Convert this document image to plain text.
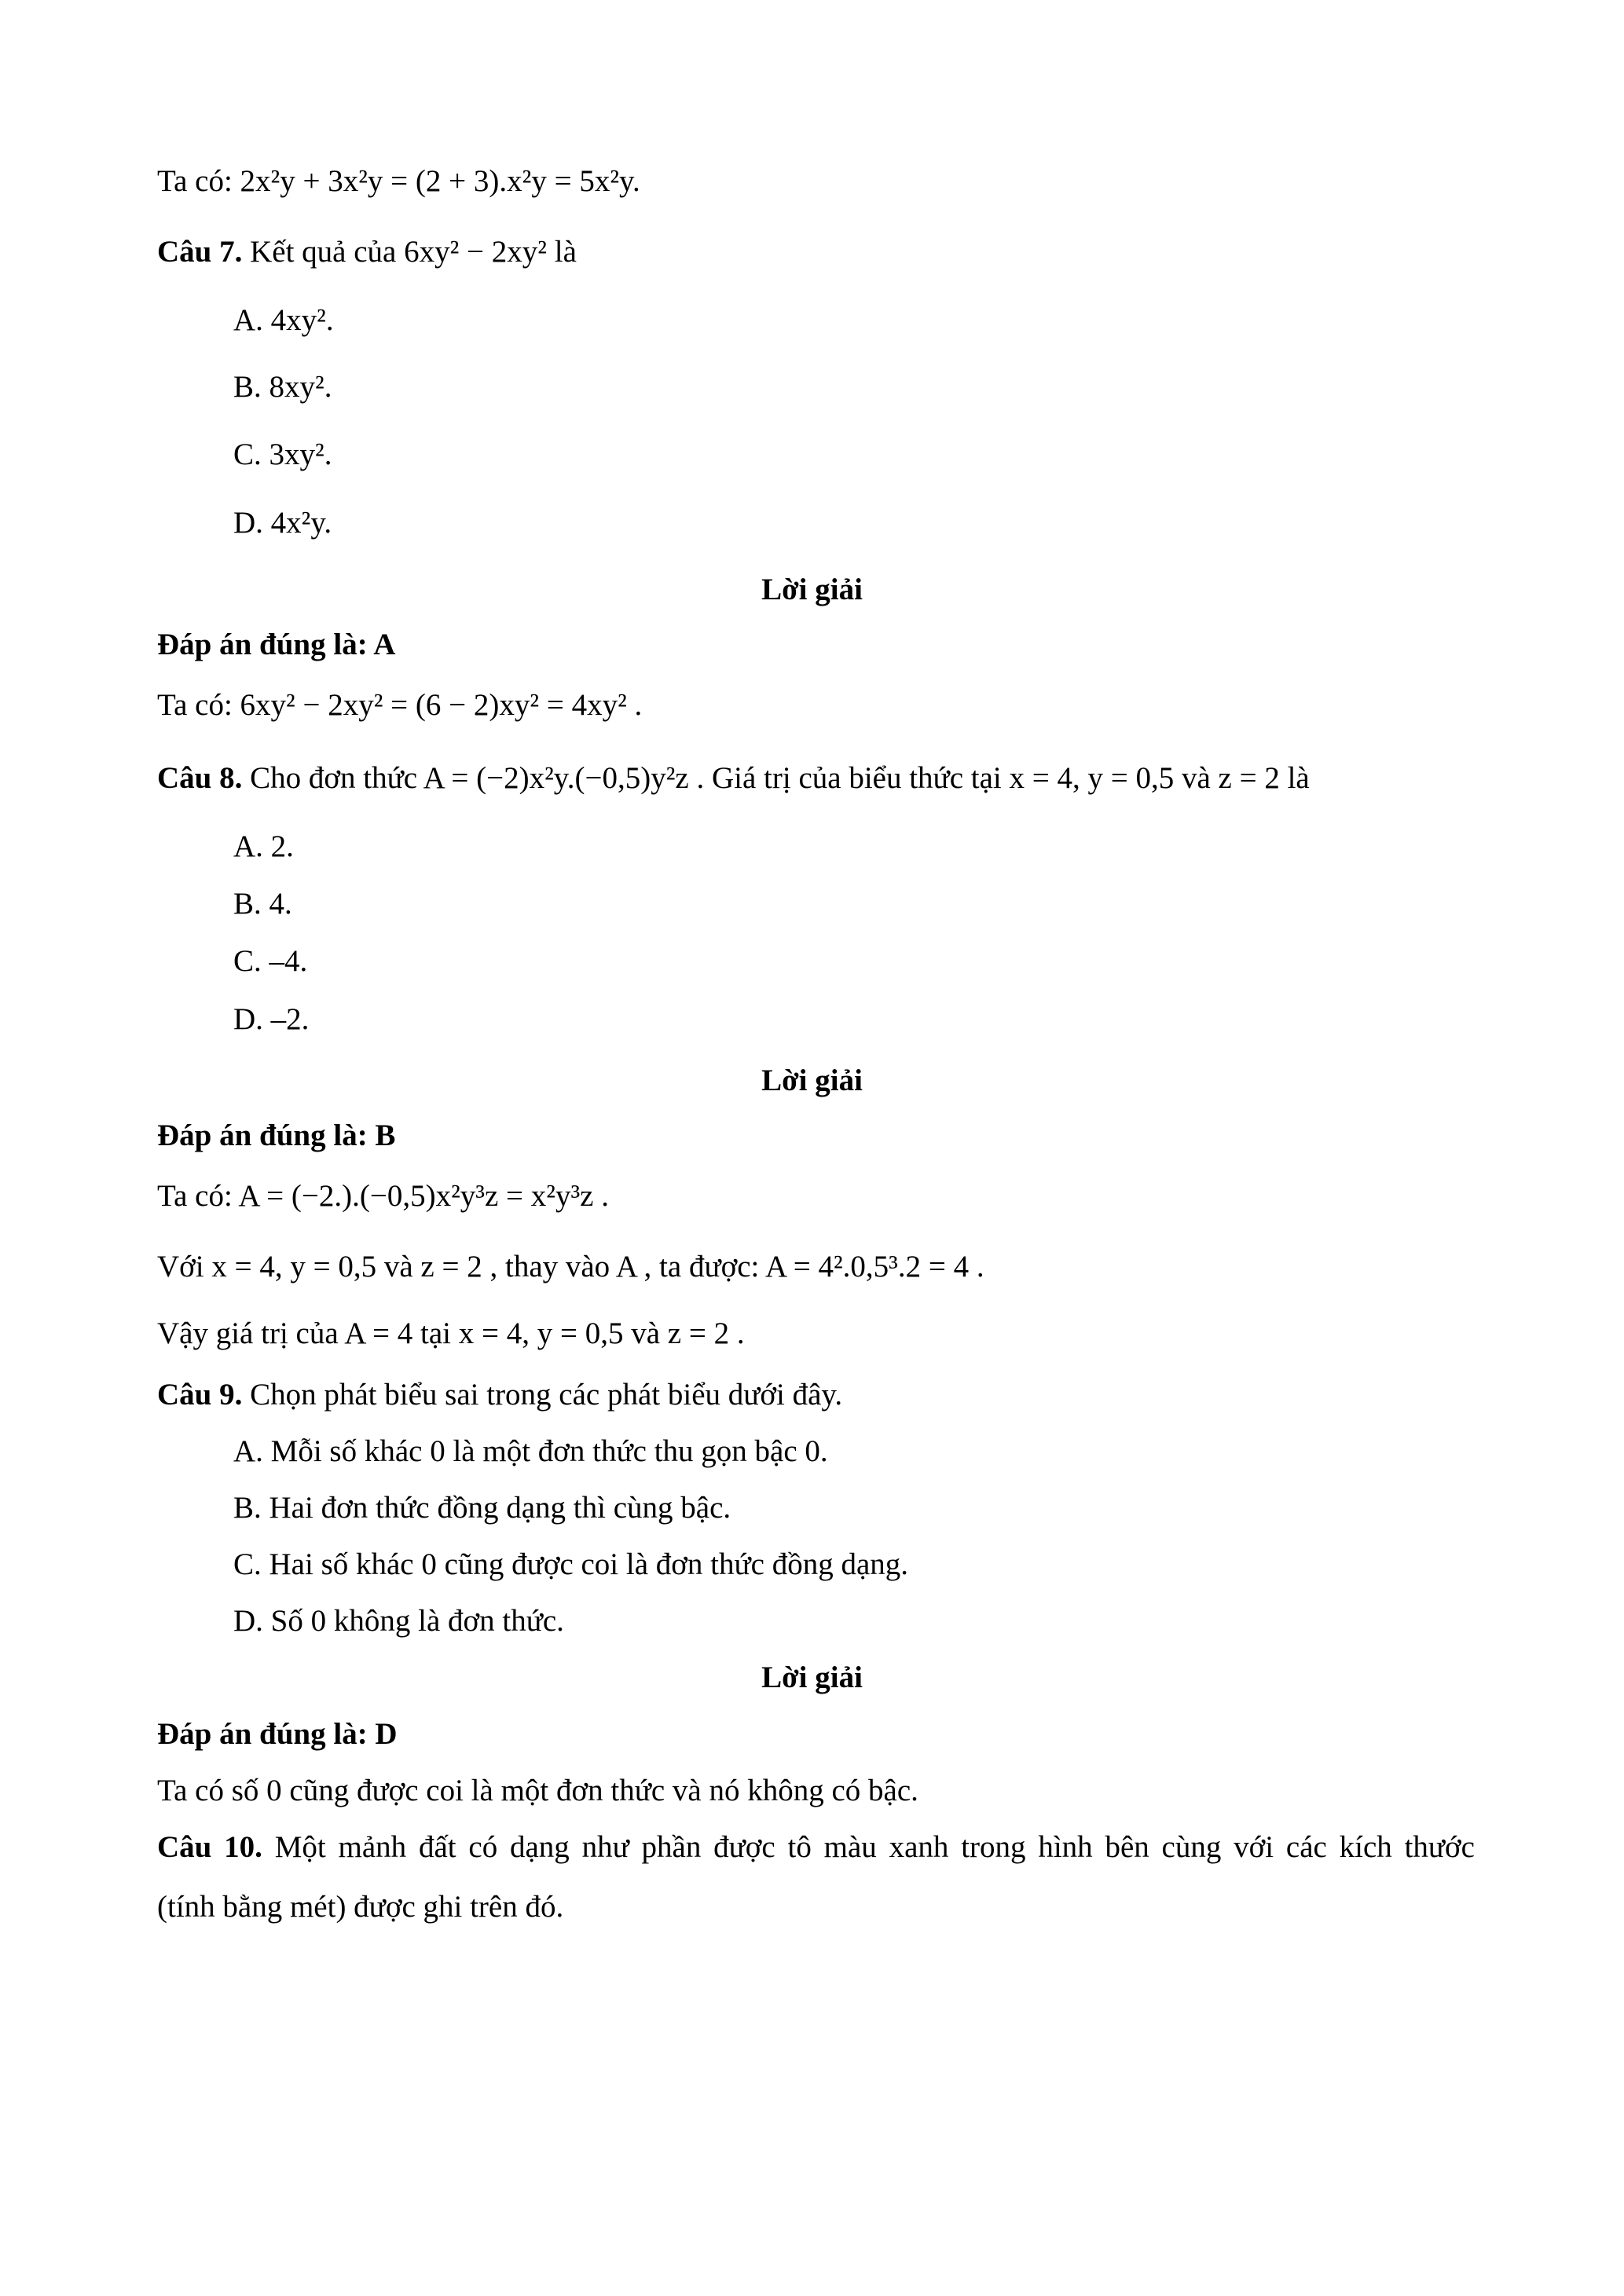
Ta có: 2x²y + 3x²y = (2 + 3).x²y = 5x²y.
Câu 7. Kết quả của 6xy² − 2xy² là
A. 4xy².
B. 8xy².
C. 3xy².
D. 4x²y.
Lời giải
Đáp án đúng là: A
Ta có: 6xy² − 2xy² = (6 − 2)xy² = 4xy² .
Câu 8. Cho đơn thức A = (−2)x²y.(−0,5)y²z . Giá trị của biểu thức tại x = 4, y = 0,5 và z = 2 là
A. 2.
B. 4.
C. –4.
D. –2.
Lời giải
Đáp án đúng là: B
Ta có: A = (−2.).(−0,5)x²y³z = x²y³z .
Với x = 4, y = 0,5 và z = 2 , thay vào A , ta được: A = 4².0,5³.2 = 4 .
Vậy giá trị của A = 4 tại x = 4, y = 0,5 và z = 2 .
Câu 9. Chọn phát biểu sai trong các phát biểu dưới đây.
A. Mỗi số khác 0 là một đơn thức thu gọn bậc 0.
B. Hai đơn thức đồng dạng thì cùng bậc.
C. Hai số khác 0 cũng được coi là đơn thức đồng dạng.
D. Số 0 không là đơn thức.
Lời giải
Đáp án đúng là: D
Ta có số 0 cũng được coi là một đơn thức và nó không có bậc.
Câu 10. Một mảnh đất có dạng như phần được tô màu xanh trong hình bên cùng với các kích thước
(tính bằng mét) được ghi trên đó.
